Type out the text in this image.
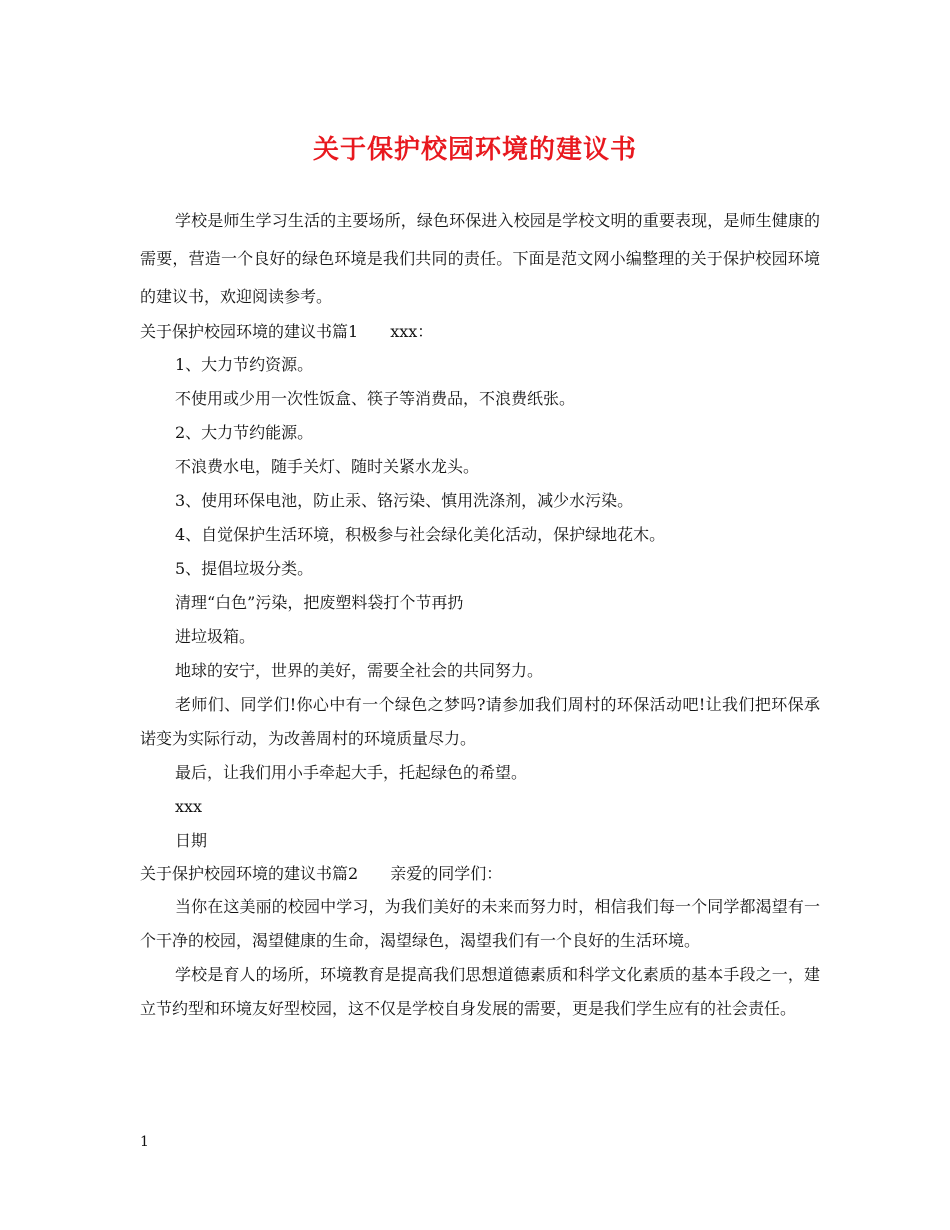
关于保护校园环境的建议书

学校是师生学习生活的主要场所，绿色环保进入校园是学校文明的重要表现，是师生健康的需要，营造一个良好的绿色环境是我们共同的责任。下面是范文网小编整理的关于保护校园环境的建议书，欢迎阅读参考。

关于保护校园环境的建议书篇1 xxx：

1、大力节约资源。

不使用或少用一次性饭盒、筷子等消费品，不浪费纸张。

2、大力节约能源。

不浪费水电，随手关灯、随时关紧水龙头。

3、使用环保电池，防止汞、铬污染、慎用洗涤剂，减少水污染。

4、自觉保护生活环境，积极参与社会绿化美化活动，保护绿地花木。

5、提倡垃圾分类。

清理“白色”污染，把废塑料袋打个节再扔

进垃圾箱。

地球的安宁，世界的美好，需要全社会的共同努力。

老师们、同学们!你心中有一个绿色之梦吗?请参加我们周村的环保活动吧!让我们把环保承诺变为实际行动，为改善周村的环境质量尽力。

最后，让我们用小手牵起大手，托起绿色的希望。

xxx

日期

关于保护校园环境的建议书篇2 亲爱的同学们：

当你在这美丽的校园中学习，为我们美好的未来而努力时，相信我们每一个同学都渴望有一个干净的校园，渴望健康的生命，渴望绿色，渴望我们有一个良好的生活环境。

学校是育人的场所，环境教育是提高我们思想道德素质和科学文化素质的基本手段之一，建立节约型和环境友好型校园，这不仅是学校自身发展的需要，更是我们学生应有的社会责任。

1
